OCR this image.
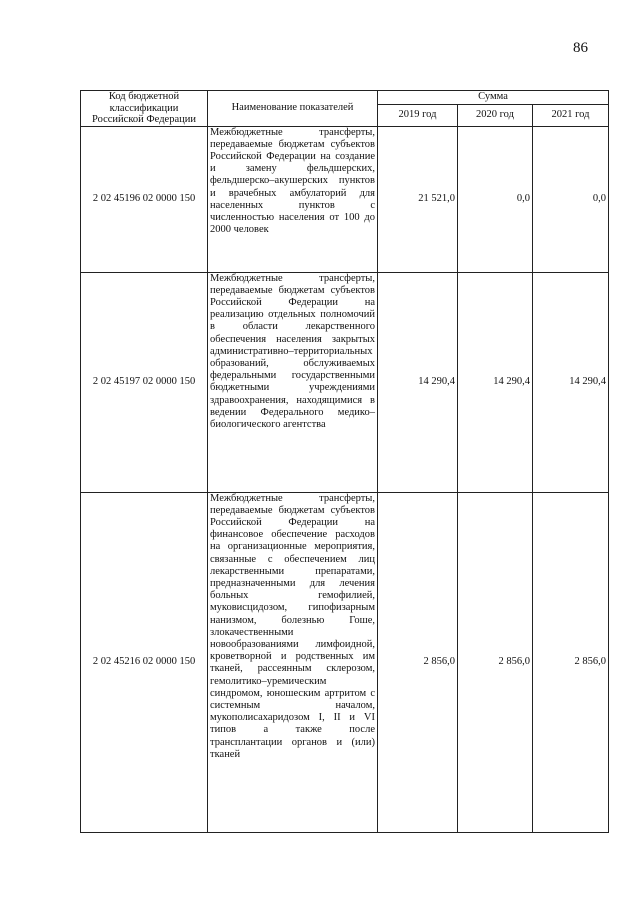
86
Код бюджетной классификации Российской Федерации	Наименование показателей	Сумма		
		2019 год	2020 год	2021 год
2 02 45196 02 0000 150	Межбюджетные трансферты, передаваемые бюджетам субъектов Российской Федерации на создание и замену фельдшерских, фельдшерско–акушерских пунктов и врачебных амбулаторий для населенных пунктов с численностью населения от 100 до 2000 человек	21 521,0	0,0	0,0
2 02 45197 02 0000 150	Межбюджетные трансферты, передаваемые бюджетам субъектов Российской Федерации на реализацию отдельных полномочий в области лекарственного обеспечения населения закрытых административно–территориальных образований, обслуживаемых федеральными государственными бюджетными учреждениями здравоохранения, находящимися в ведении Федерального медико–биологического агентства	14 290,4	14 290,4	14 290,4
2 02 45216 02 0000 150	Межбюджетные трансферты, передаваемые бюджетам субъектов Российской Федерации на финансовое обеспечение расходов на организационные мероприятия, связанные с обеспечением лиц лекарственными препаратами, предназначенными для лечения больных гемофилией, муковисцидозом, гипофизарным нанизмом, болезнью Гоше, злокачественными новообразованиями лимфоидной, кроветворной и родственных им тканей, рассеянным склерозом, гемолитико–уремическим синдромом, юношеским артритом с системным началом, мукополисахаридозом I, II и VI типов а также после трансплантации органов и (или) тканей	2 856,0	2 856,0	2 856,0
